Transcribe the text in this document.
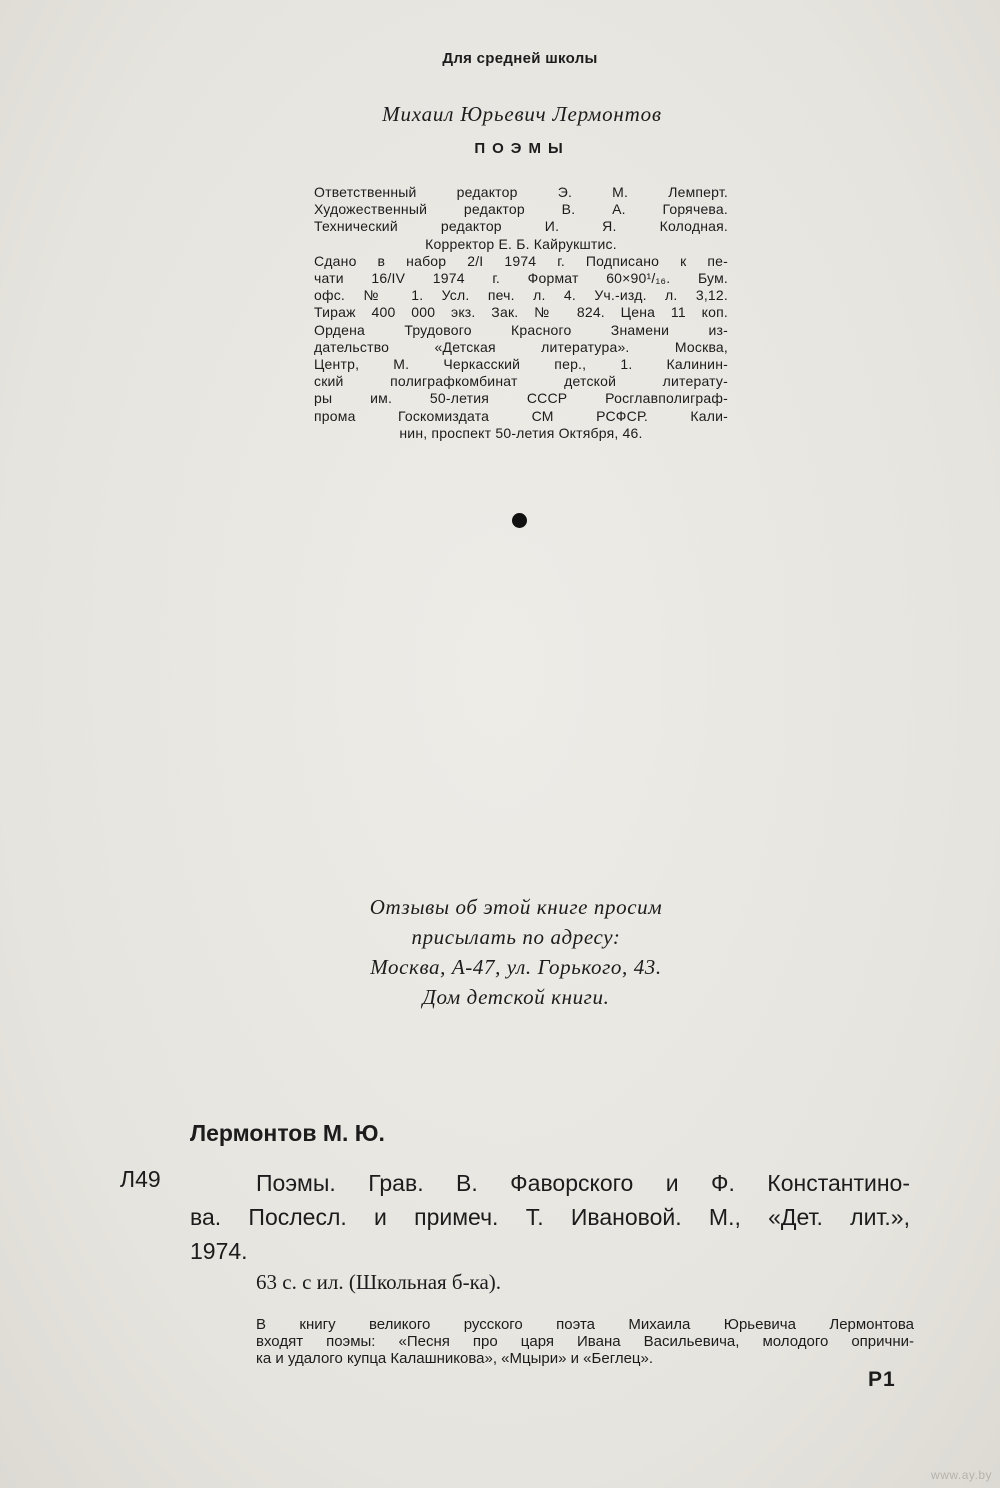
Для средней школы
Михаил Юрьевич Лермонтов
ПОЭМЫ
Ответственный редактор Э. М. Лемперт.
Художественный редактор В. А. Горячева.
Технический редактор И. Я. Колодная.
Корректор Е. Б. Кайрукштис.
Сдано в набор 2/I 1974 г. Подписано к пе-
чати 16/IV 1974 г. Формат 60×90¹/₁₆. Бум.
офс. № 1. Усл. печ. л. 4. Уч.-изд. л. 3,12.
Тираж 400 000 экз. Зак. № 824. Цена 11 коп.
Ордена Трудового Красного Знамени из-
дательство «Детская литература». Москва,
Центр, М. Черкасский пер., 1. Калинин-
ский полиграфкомбинат детской литерату-
ры им. 50-летия СССР Росглавполиграф-
прома Госкомиздата СМ РСФСР. Кали-
нин, проспект 50-летия Октября, 46.
Отзывы об этой книге просим
присылать по адресу:
Москва, А-47, ул. Горького, 43.
Дом детской книги.
Лермонтов М. Ю.
Л49	Поэмы. Грав. В. Фаворского и Ф. Константино-
ва. Послесл. и примеч. Т. Ивановой. М., «Дет. лит.»,
1974.
63 с. с ил. (Школьная б-ка).
В книгу великого русского поэта Михаила Юрьевича Лермонтова
входят поэмы: «Песня про царя Ивана Васильевича, молодого опрични-
ка и удалого купца Калашникова», «Мцыри» и «Беглец».
Р1
www.ay.by
